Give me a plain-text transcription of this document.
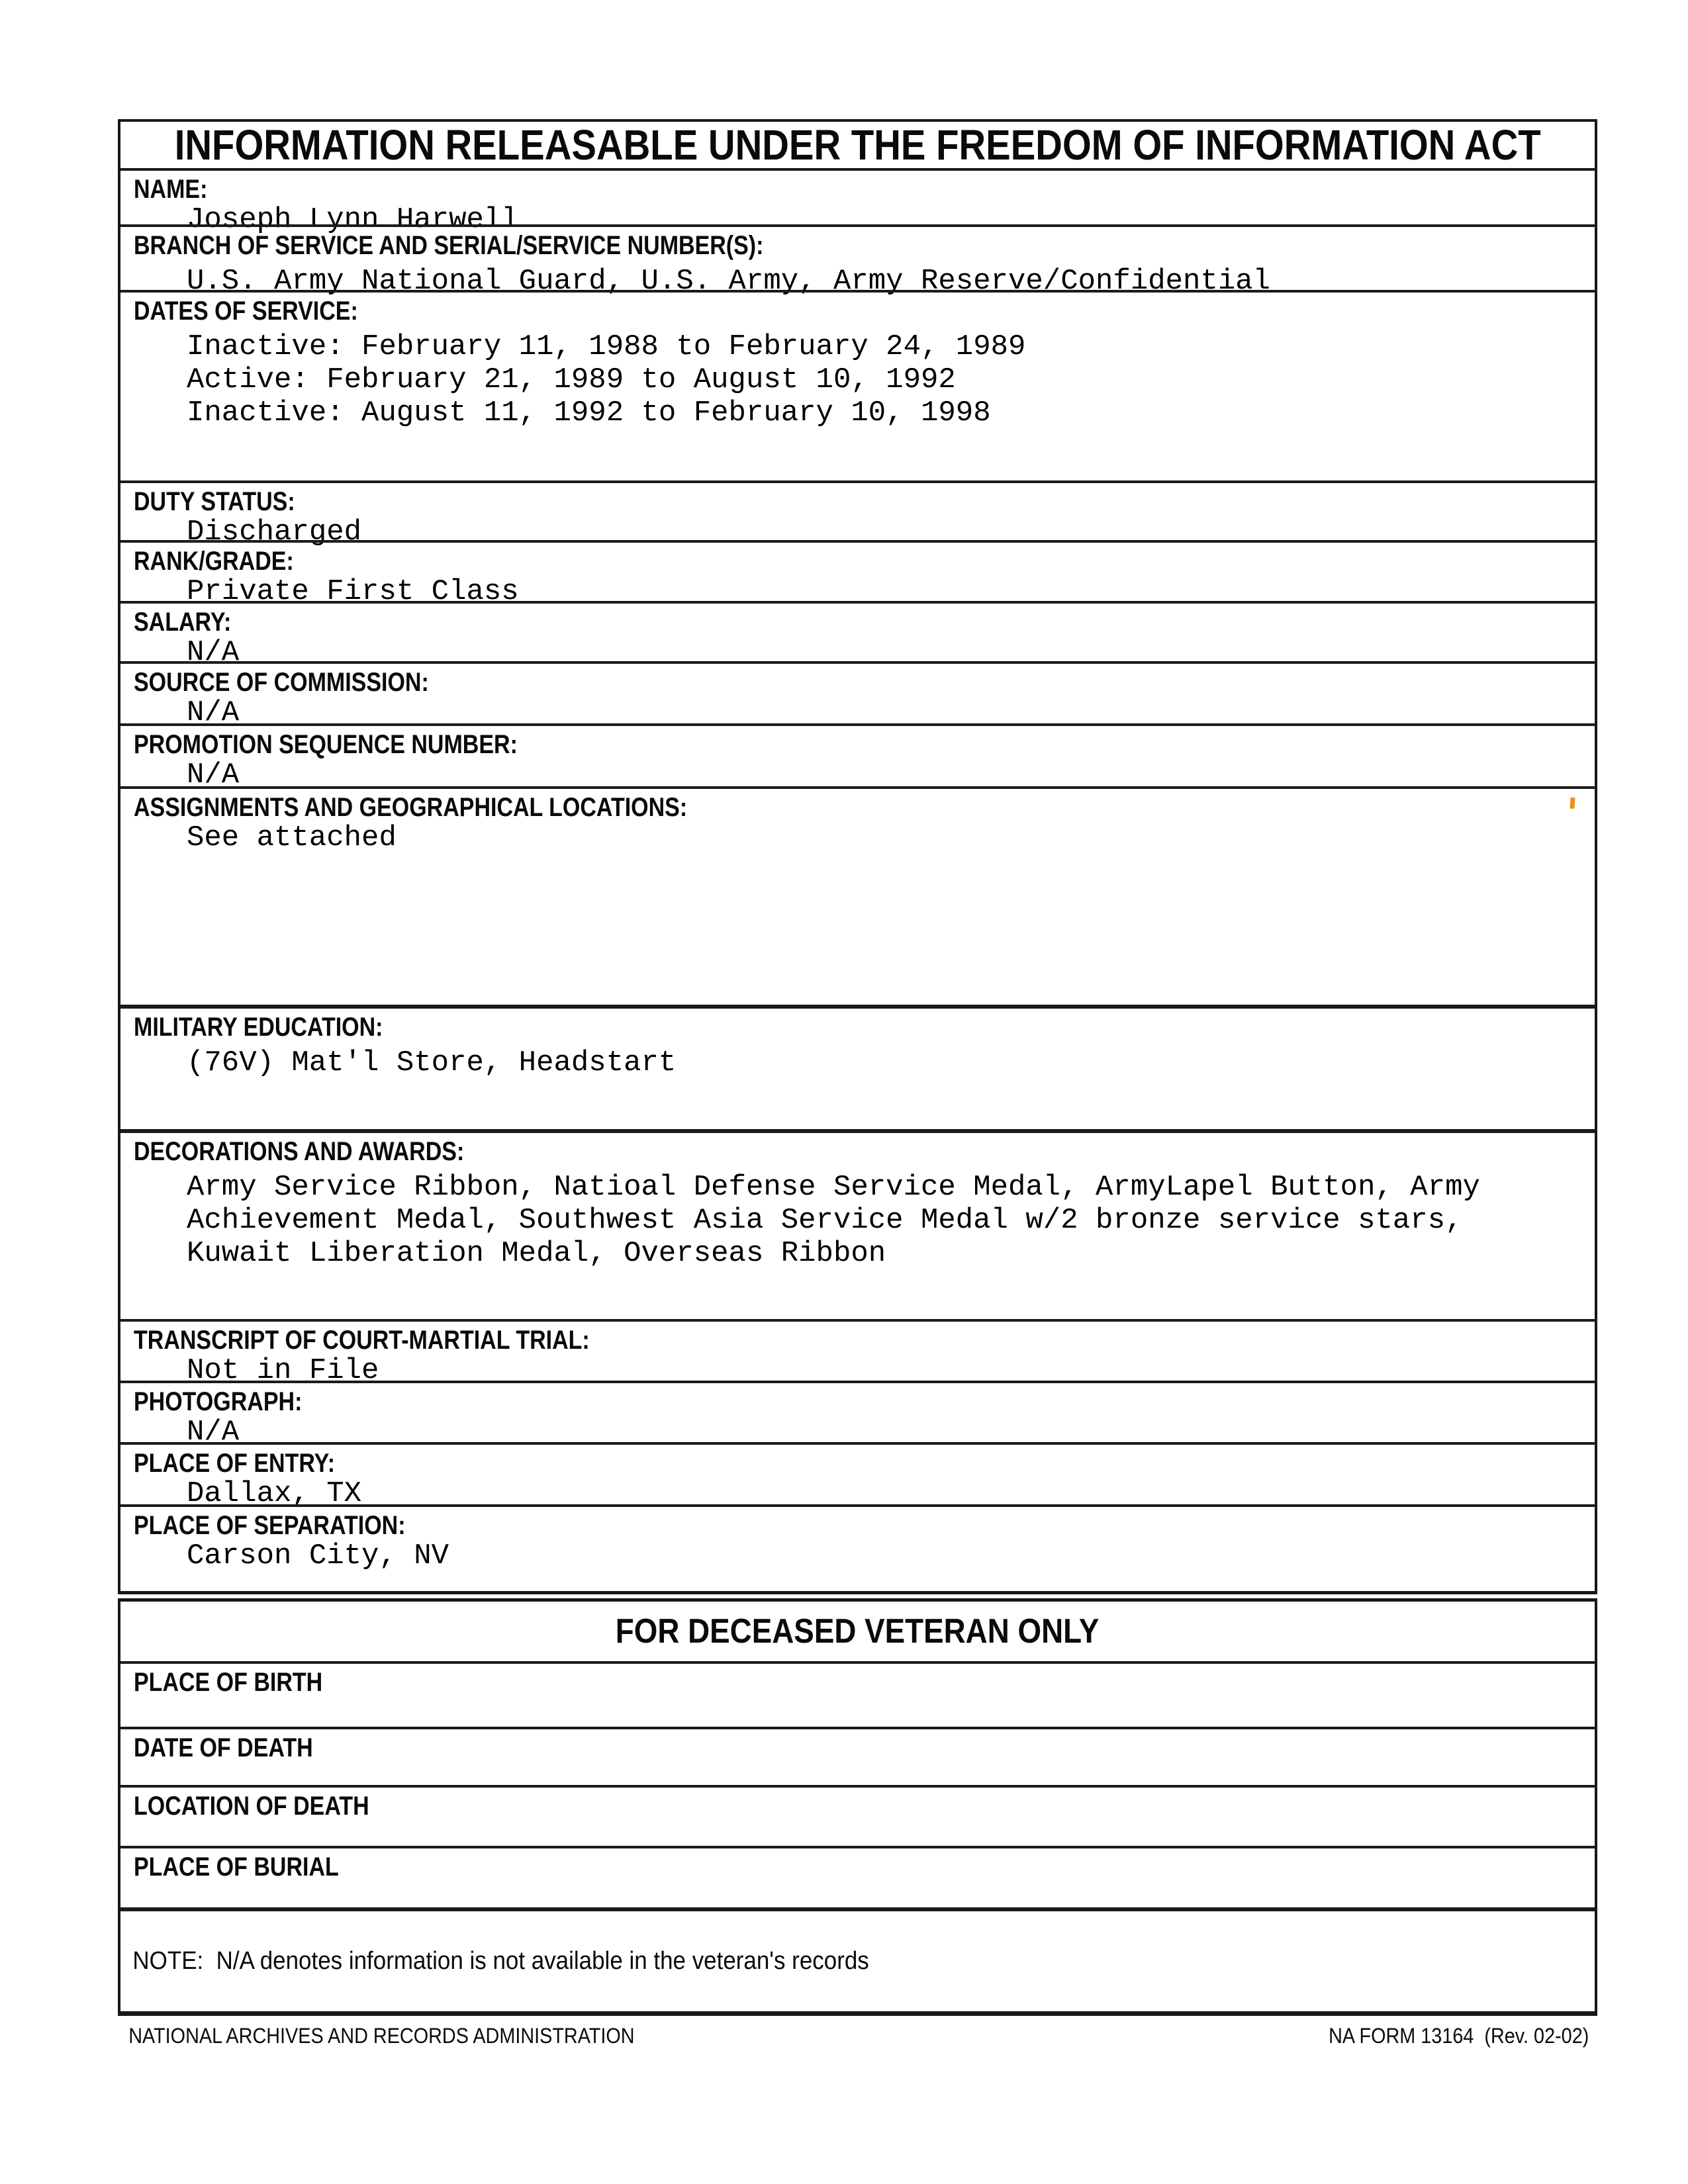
INFORMATION RELEASABLE UNDER THE FREEDOM OF INFORMATION ACT
NAME:
Joseph Lynn Harwell
BRANCH OF SERVICE AND SERIAL/SERVICE NUMBER(S):
U.S. Army National Guard, U.S. Army, Army Reserve/Confidential
DATES OF SERVICE:
Inactive: February 11, 1988 to February 24, 1989
Active: February 21, 1989 to August 10, 1992
Inactive: August 11, 1992 to February 10, 1998
DUTY STATUS:
Discharged
RANK/GRADE:
Private First Class
SALARY:
N/A
SOURCE OF COMMISSION:
N/A
PROMOTION SEQUENCE NUMBER:
N/A
ASSIGNMENTS AND GEOGRAPHICAL LOCATIONS:
See attached
MILITARY EDUCATION:
(76V) Mat'l Store, Headstart
DECORATIONS AND AWARDS:
Army Service Ribbon, Natioal Defense Service Medal, ArmyLapel Button, Army
Achievement Medal, Southwest Asia Service Medal w/2 bronze service stars,
Kuwait Liberation Medal, Overseas Ribbon
TRANSCRIPT OF COURT-MARTIAL TRIAL:
Not in File
PHOTOGRAPH:
N/A
PLACE OF ENTRY:
Dallax, TX
PLACE OF SEPARATION:
Carson City, NV
FOR DECEASED VETERAN ONLY
PLACE OF BIRTH
DATE OF DEATH
LOCATION OF DEATH
PLACE OF BURIAL
NOTE:  N/A denotes information is not available in the veteran's records
NATIONAL ARCHIVES AND RECORDS ADMINISTRATION	NA FORM 13164  (Rev. 02-02)
